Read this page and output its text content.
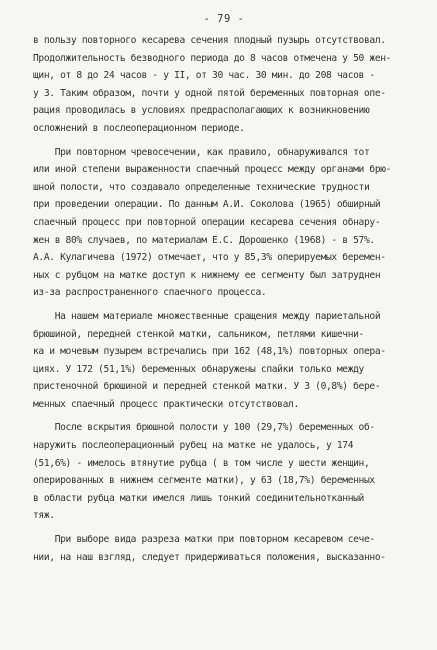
- 79 -
в пользу повторного кесарева сечения плодный пузырь отсутствовал.
Продолжительность безводного периода до 8 часов отмечена у 50 жен-
щин, от 8 до 24 часов - у II, от 30 час. 30 мин. до 208 часов -
у 3. Таким образом, почти у одной пятой беременных повторная опе-
рация проводилась в условиях предрасполагающих к возникновению
осложнений в послеоперационном периоде.
При повторном чревосечении, как правило, обнаруживался тот
или иной степени выраженности спаечный процесс между органами брю-
шной полости, что создавало определенные технические трудности
при проведении операции. По данным А.И. Соколова (1965) обширный
спаечный процесс при повторной операции кесарева сечения обнару-
жен в 80% случаев, по материалам Е.С. Дорошенко (1968) - в 57%.
А.А. Кулагичева (1972) отмечает, что у 85,3% оперируемых беремен-
ных с рубцом на матке доступ к нижнему ее сегменту был затруднен
из-за распространенного спаечного процесса.
На нашем материале множественные сращения между париетальной
брюшиной, передней стенкой матки, сальником, петлями кишечни-
ка и мочевым пузырем встречались при 162 (48,1%) повторных опера-
циях. У 172 (51,1%) беременных обнаружены спайки только между
пристеночной брюшиной и передней стенкой матки. У 3 (0,8%) бере-
менных спаечный процесс практически отсутствовал.
После вскрытия брюшной полости у 100 (29,7%) беременных об-
наружить послеоперационный рубец на матке не удалось, у 174
(51,6%) - имелось втянутие рубца ( в том числе у шести женщин,
оперированных в нижнем сегменте матки), у 63 (18,7%) беременных
в области рубца матки имелся лишь тонкий соединительнотканный
тяж.
При выборе вида разреза матки при повторном кесаревом сече-
нии, на наш взгляд, следует придерживаться положения, высказанно-
